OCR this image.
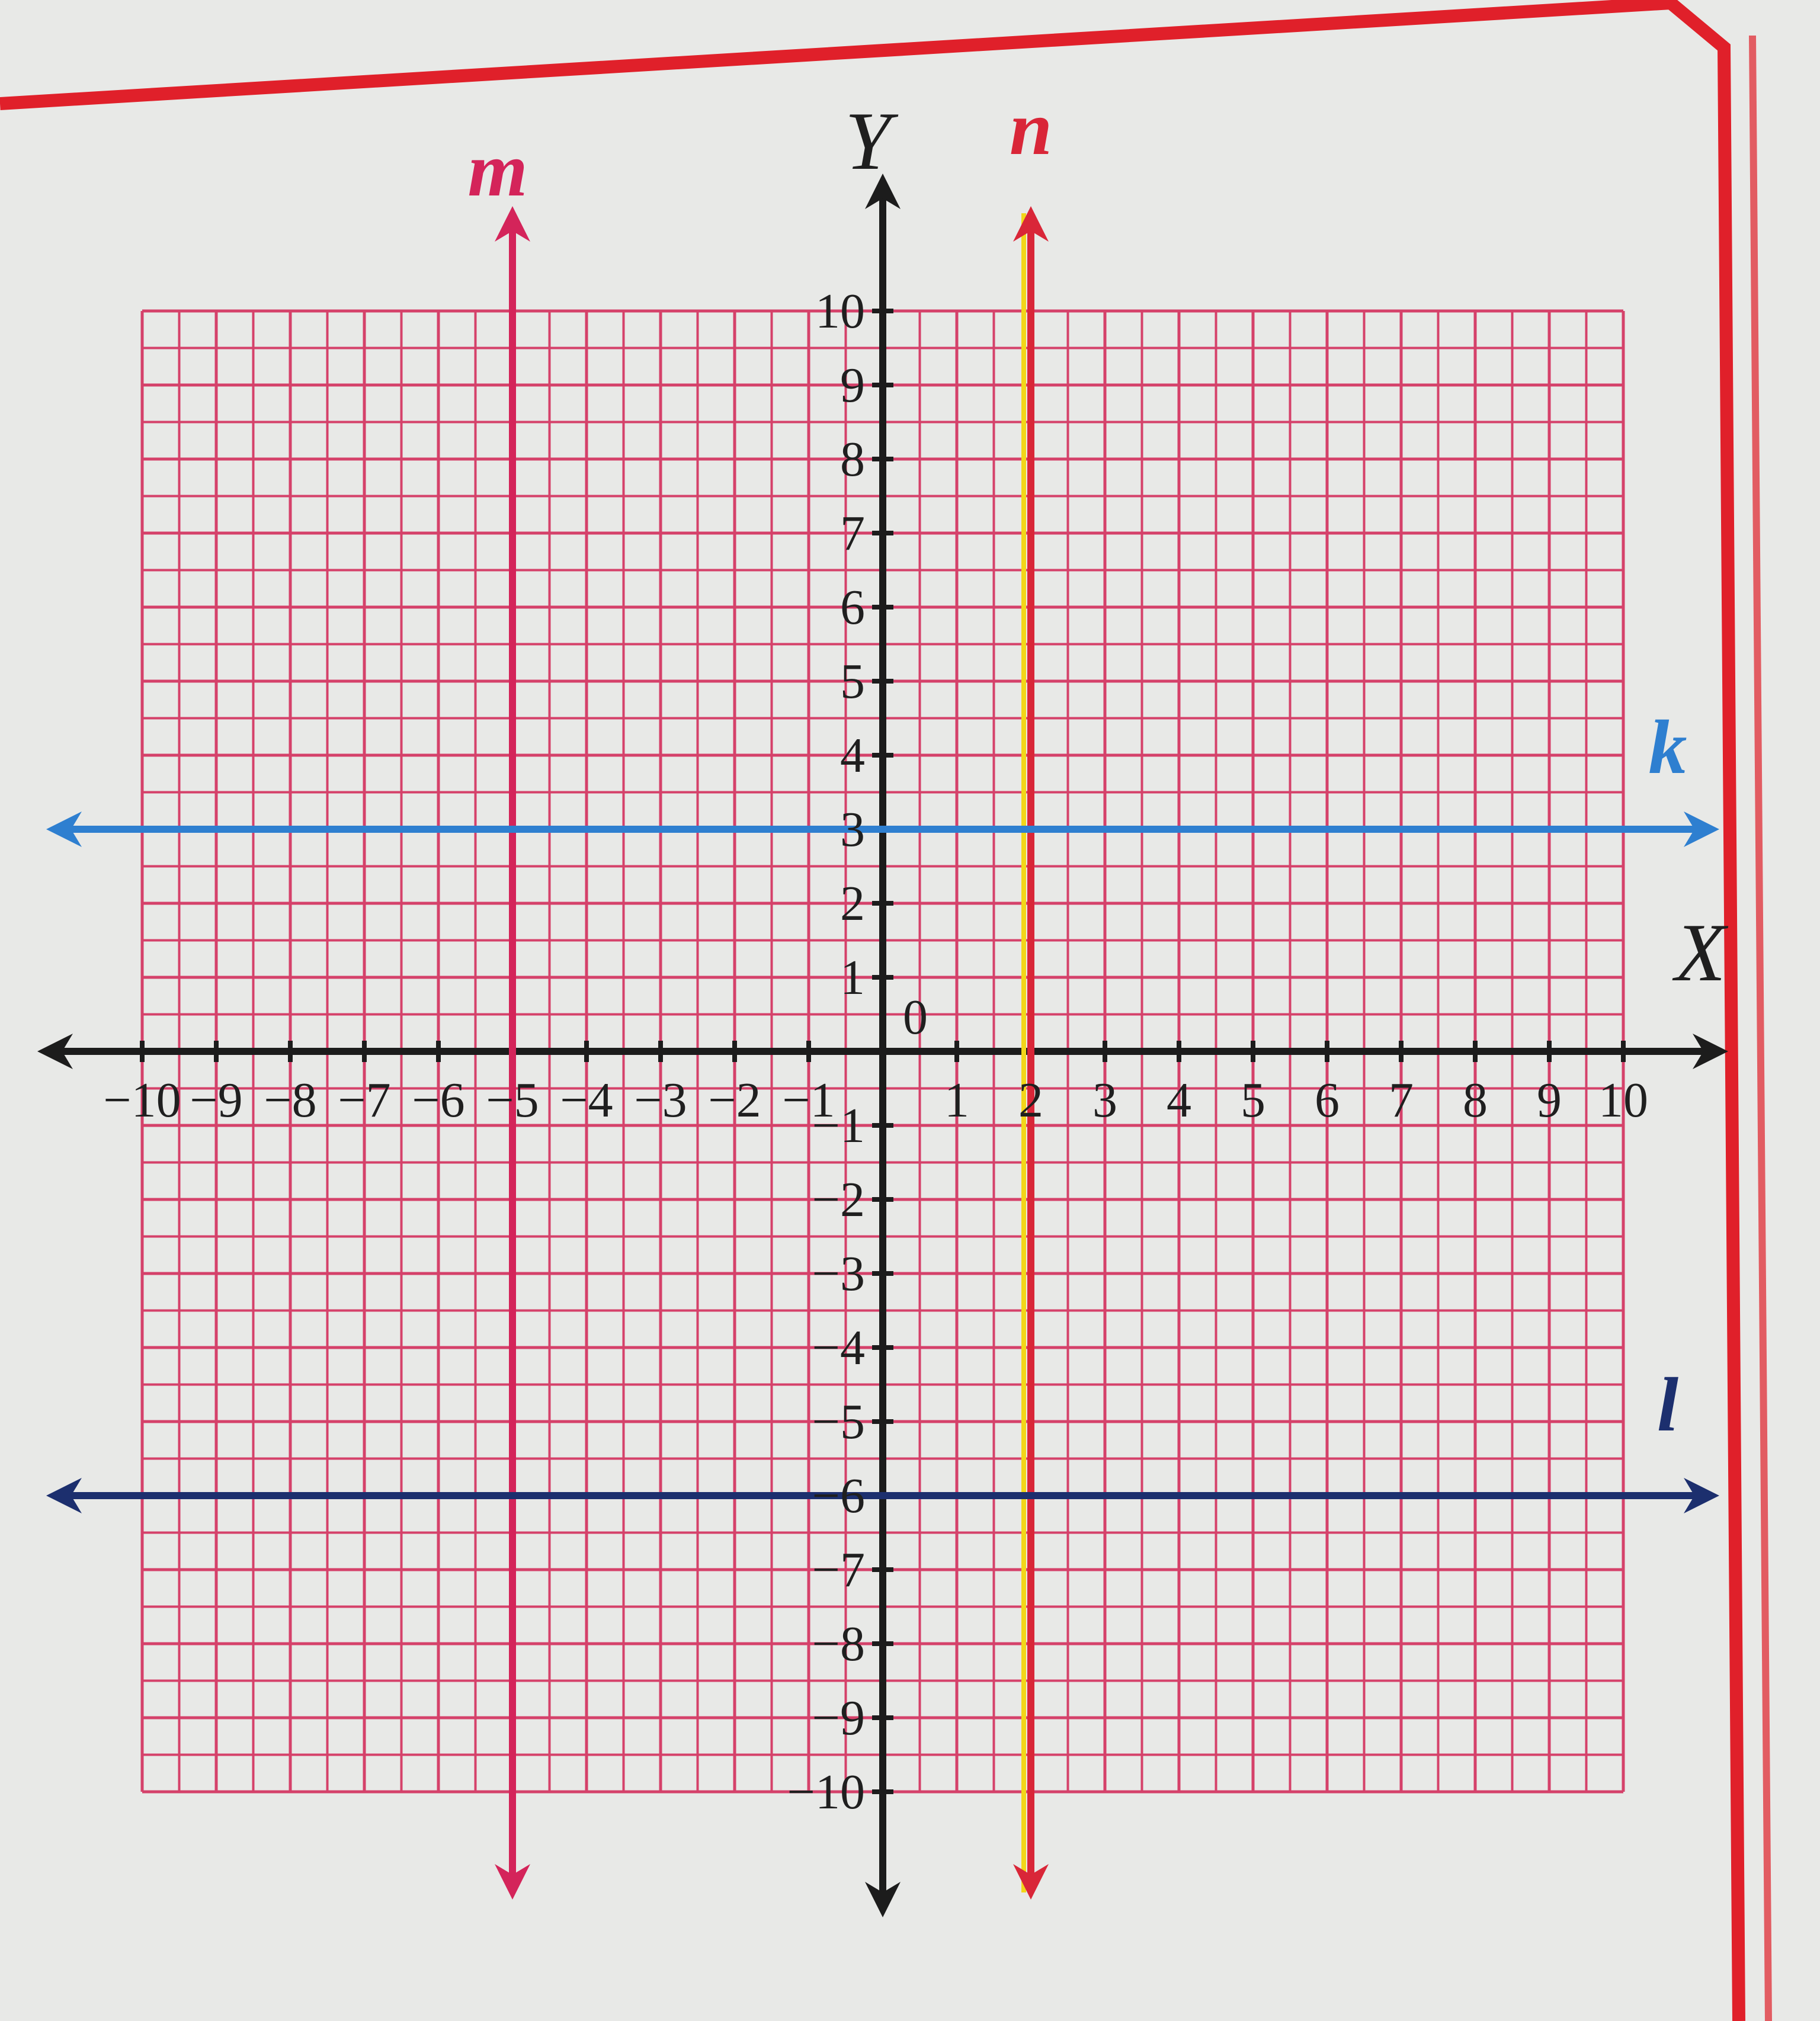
−10 −9 −8 −7 −6 −5 −4 −3 −2 −1 1 2 3 4 5 6 7 8 9 10
10
9
8
7
6
5
4
3
2
1
−1
−2
−3
−4
−5
−6
−7
−8
−9
−10
0
X
Y
m	n
k
l
